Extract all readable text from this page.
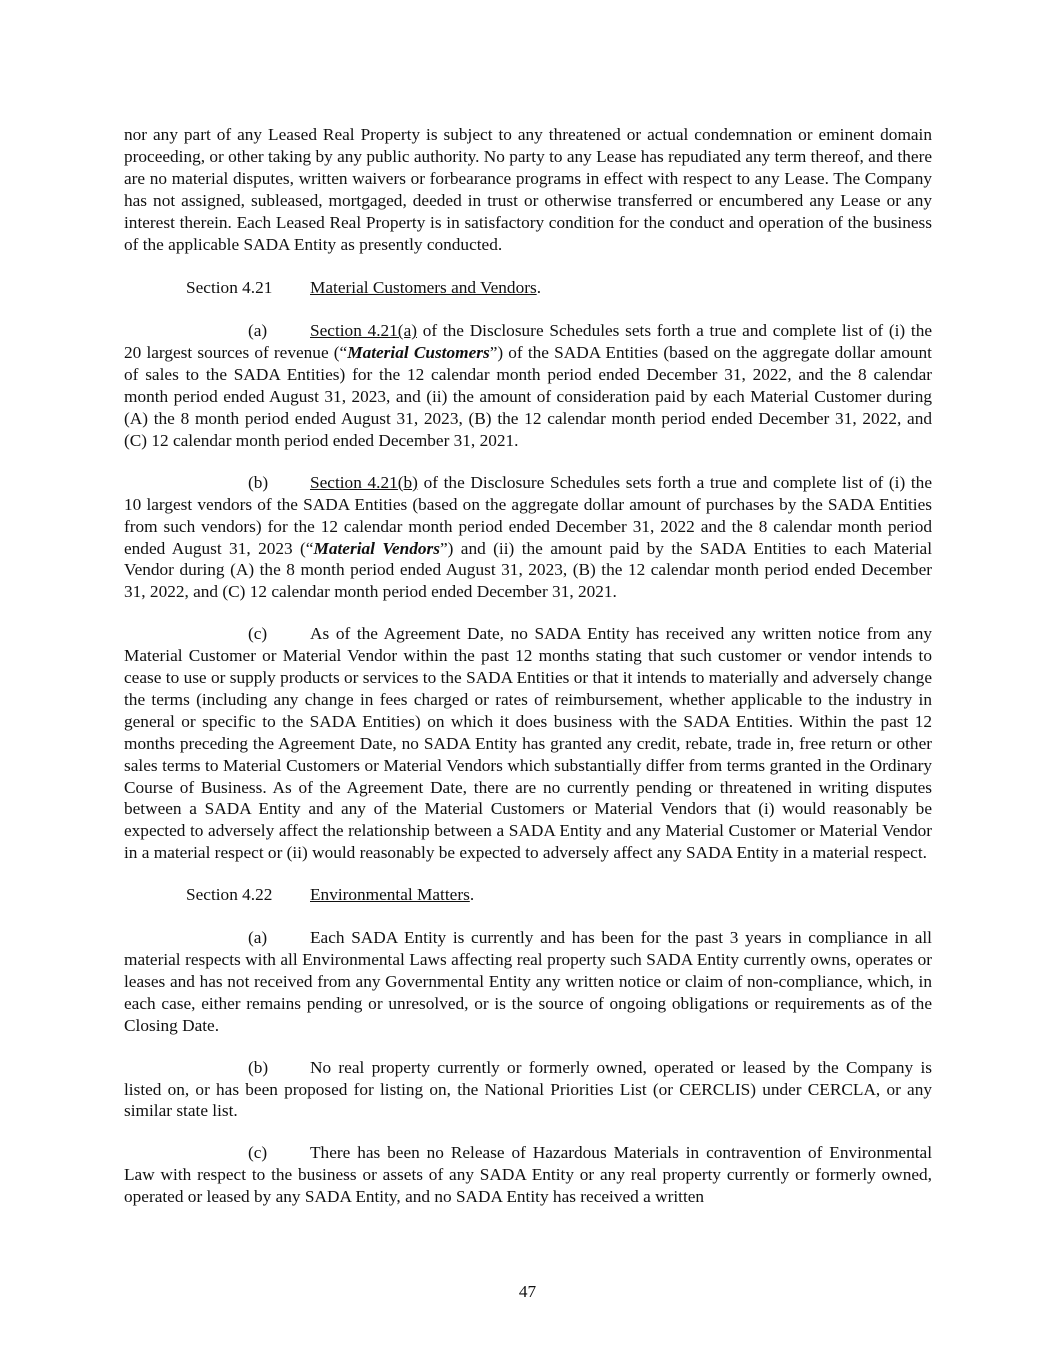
nor any part of any Leased Real Property is subject to any threatened or actual condemnation or eminent domain proceeding, or other taking by any public authority. No party to any Lease has repudiated any term thereof, and there are no material disputes, written waivers or forbearance programs in effect with respect to any Lease. The Company has not assigned, subleased, mortgaged, deeded in trust or otherwise transferred or encumbered any Lease or any interest therein. Each Leased Real Property is in satisfactory condition for the conduct and operation of the business of the applicable SADA Entity as presently conducted.

Section 4.21 Material Customers and Vendors.

(a) Section 4.21(a) of the Disclosure Schedules sets forth a true and complete list of (i) the 20 largest sources of revenue (“Material Customers”) of the SADA Entities (based on the aggregate dollar amount of sales to the SADA Entities) for the 12 calendar month period ended December 31, 2022, and the 8 calendar month period ended August 31, 2023, and (ii) the amount of consideration paid by each Material Customer during (A) the 8 month period ended August 31, 2023, (B) the 12 calendar month period ended December 31, 2022, and (C) 12 calendar month period ended December 31, 2021.

(b) Section 4.21(b) of the Disclosure Schedules sets forth a true and complete list of (i) the 10 largest vendors of the SADA Entities (based on the aggregate dollar amount of purchases by the SADA Entities from such vendors) for the 12 calendar month period ended December 31, 2022 and the 8 calendar month period ended August 31, 2023 (“Material Vendors”) and (ii) the amount paid by the SADA Entities to each Material Vendor during (A) the 8 month period ended August 31, 2023, (B) the 12 calendar month period ended December 31, 2022, and (C) 12 calendar month period ended December 31, 2021.

(c) As of the Agreement Date, no SADA Entity has received any written notice from any Material Customer or Material Vendor within the past 12 months stating that such customer or vendor intends to cease to use or supply products or services to the SADA Entities or that it intends to materially and adversely change the terms (including any change in fees charged or rates of reimbursement, whether applicable to the industry in general or specific to the SADA Entities) on which it does business with the SADA Entities. Within the past 12 months preceding the Agreement Date, no SADA Entity has granted any credit, rebate, trade in, free return or other sales terms to Material Customers or Material Vendors which substantially differ from terms granted in the Ordinary Course of Business. As of the Agreement Date, there are no currently pending or threatened in writing disputes between a SADA Entity and any of the Material Customers or Material Vendors that (i) would reasonably be expected to adversely affect the relationship between a SADA Entity and any Material Customer or Material Vendor in a material respect or (ii) would reasonably be expected to adversely affect any SADA Entity in a material respect.

Section 4.22 Environmental Matters.

(a) Each SADA Entity is currently and has been for the past 3 years in compliance in all material respects with all Environmental Laws affecting real property such SADA Entity currently owns, operates or leases and has not received from any Governmental Entity any written notice or claim of non-compliance, which, in each case, either remains pending or unresolved, or is the source of ongoing obligations or requirements as of the Closing Date.

(b) No real property currently or formerly owned, operated or leased by the Company is listed on, or has been proposed for listing on, the National Priorities List (or CERCLIS) under CERCLA, or any similar state list.

(c) There has been no Release of Hazardous Materials in contravention of Environmental Law with respect to the business or assets of any SADA Entity or any real property currently or formerly owned, operated or leased by any SADA Entity, and no SADA Entity has received a written

47
